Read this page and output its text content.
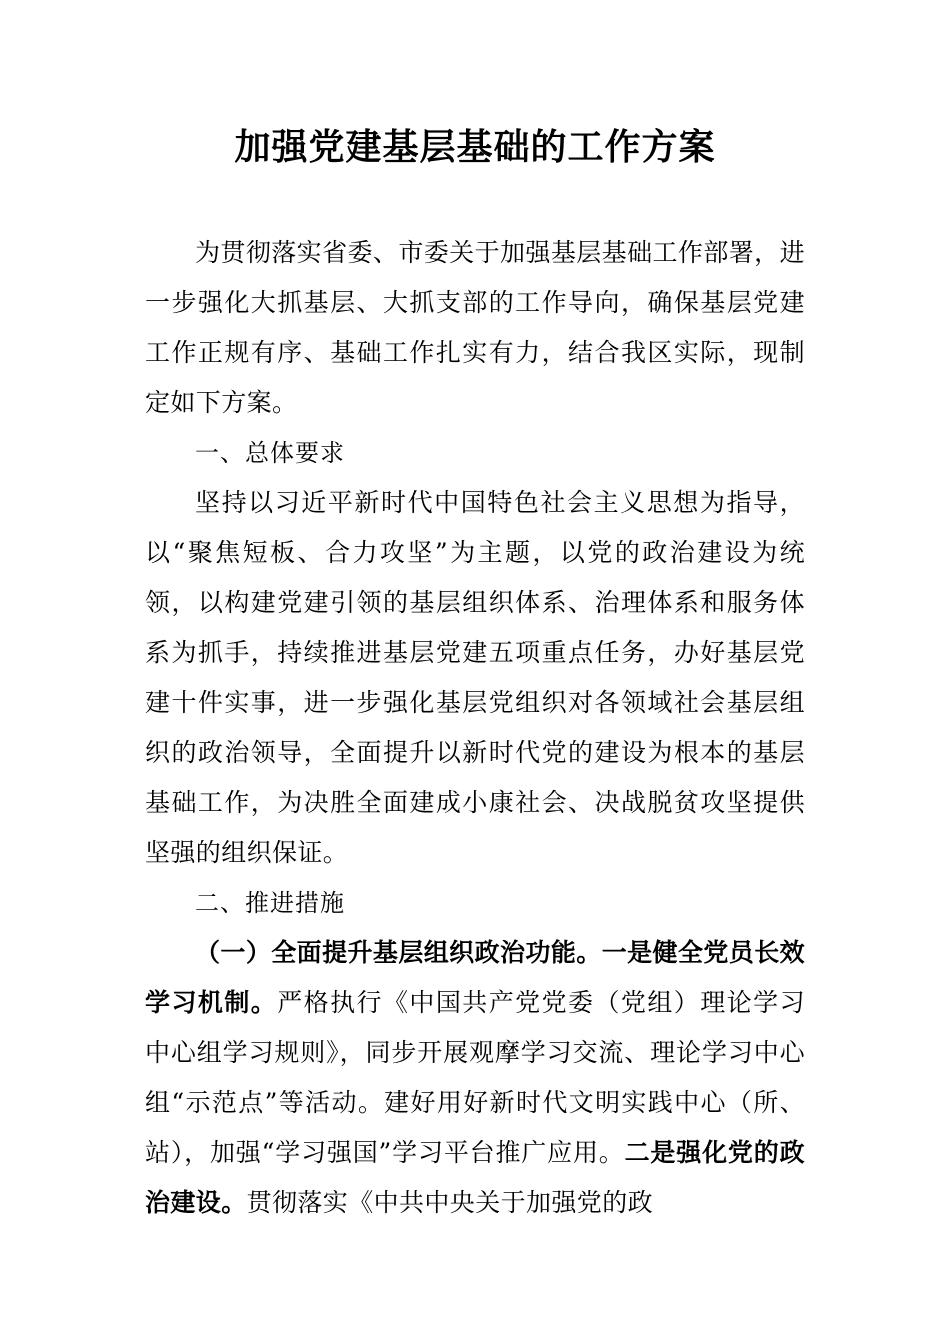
加强党建基层基础的工作方案

为贯彻落实省委、市委关于加强基层基础工作部署，进一步强化大抓基层、大抓支部的工作导向，确保基层党建工作正规有序、基础工作扎实有力，结合我区实际，现制定如下方案。

一、总体要求

坚持以习近平新时代中国特色社会主义思想为指导，以“聚焦短板、合力攻坚”为主题，以党的政治建设为统领，以构建党建引领的基层组织体系、治理体系和服务体系为抓手，持续推进基层党建五项重点任务，办好基层党建十件实事，进一步强化基层党组织对各领域社会基层组织的政治领导，全面提升以新时代党的建设为根本的基层基础工作，为决胜全面建成小康社会、决战脱贫攻坚提供坚强的组织保证。

二、推进措施

（一）全面提升基层组织政治功能。一是健全党员长效学习机制。严格执行《中国共产党党委（党组）理论学习中心组学习规则》，同步开展观摩学习交流、理论学习中心组“示范点”等活动。建好用好新时代文明实践中心（所、站），加强“学习强国”学习平台推广应用。二是强化党的政治建设。贯彻落实《中共中央关于加强党的政
